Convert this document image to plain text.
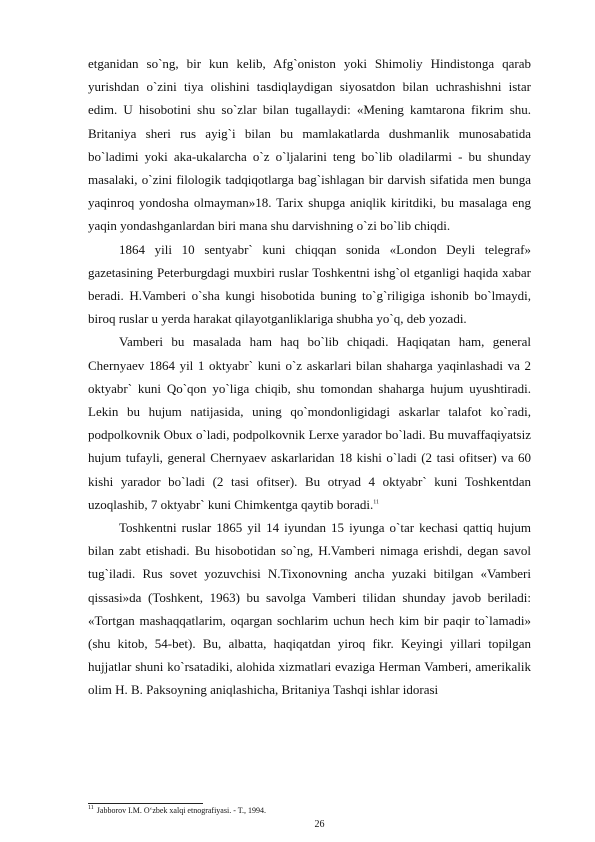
etganidan so`ng, bir kun kelib, Afg`oniston yoki Shimoliy Hindistonga qarab yurishdan o`zini tiya olishini tasdiqlaydigan siyosatdon bilan uchrashishni istar edim. U hisobotini shu so`zlar bilan tugallaydi: «Mening kamtarona fikrim shu. Britaniya sheri rus ayig`i bilan bu mamlakatlarda dushmanlik munosabatida bo`ladimi yoki aka-ukalarcha o`z o`ljalarini teng bo`lib oladilarmi - bu shunday masalaki, o`zini filologik tadqiqotlarga bag`ishlagan bir darvish sifatida men bunga yaqinroq yondosha olmayman»18. Tarix shupga aniqlik kiritdiki, bu masalaga eng yaqin yondashganlardan biri mana shu darvishning o`zi bo`lib chiqdi.

1864 yili 10 sentyabr` kuni chiqqan sonida «London Deyli telegraf» gazetasining Peterburgdagi muxbiri ruslar Toshkentni ishg`ol etganligi haqida xabar beradi. H.Vamberi o`sha kungi hisobotida buning to`g`riligiga ishonib bo`lmaydi, biroq ruslar u yerda harakat qilayotganliklariga shubha yo`q, deb yozadi.

Vamberi bu masalada ham haq bo`lib chiqadi. Haqiqatan ham, general Chernyaev 1864 yil 1 oktyabr` kuni o`z askarlari bilan shaharga yaqinlashadi va 2 oktyabr` kuni Qo`qon yo`liga chiqib, shu tomondan shaharga hujum uyushtiradi. Lekin bu hujum natijasida, uning qo`mondonligidagi askarlar talafot ko`radi, podpolkovnik Obux o`ladi, podpolkovnik Lerxe yarador bo`ladi. Bu muvaffaqiyatsiz hujum tufayli, general Chernyaev askarlaridan 18 kishi o`ladi (2 tasi ofitser) va 60 kishi yarador bo`ladi (2 tasi ofitser). Bu otryad 4 oktyabr` kuni Toshkentdan uzoqlashib, 7 oktyabr` kuni Chimkentga qaytib boradi.$^{11}$

Toshkentni ruslar 1865 yil 14 iyundan 15 iyunga o`tar kechasi qattiq hujum bilan zabt etishadi. Bu hisobotidan so`ng, H.Vamberi nimaga erishdi, degan savol tug`iladi. Rus sovet yozuvchisi N.Tixonovning ancha yuzaki bitilgan «Vamberi qissasi»da (Toshkent, 1963) bu savolga Vamberi tilidan shunday javob beriladi: «Tortgan mashaqqatlarim, oqargan sochlarim uchun hech kim bir paqir to`lamadi» (shu kitob, 54-bet). Bu, albatta, haqiqatdan yiroq fikr. Keyingi yillari topilgan hujjatlar shuni ko`rsatadiki, alohida xizmatlari evaziga Herman Vamberi, amerikalik olim H. B. Paksoyning aniqlashicha, Britaniya Tashqi ishlar idorasi

$^{11}$ Jabborov I.M. O‘zbek xalqi etnografiyasi. - T., 1994.
26
